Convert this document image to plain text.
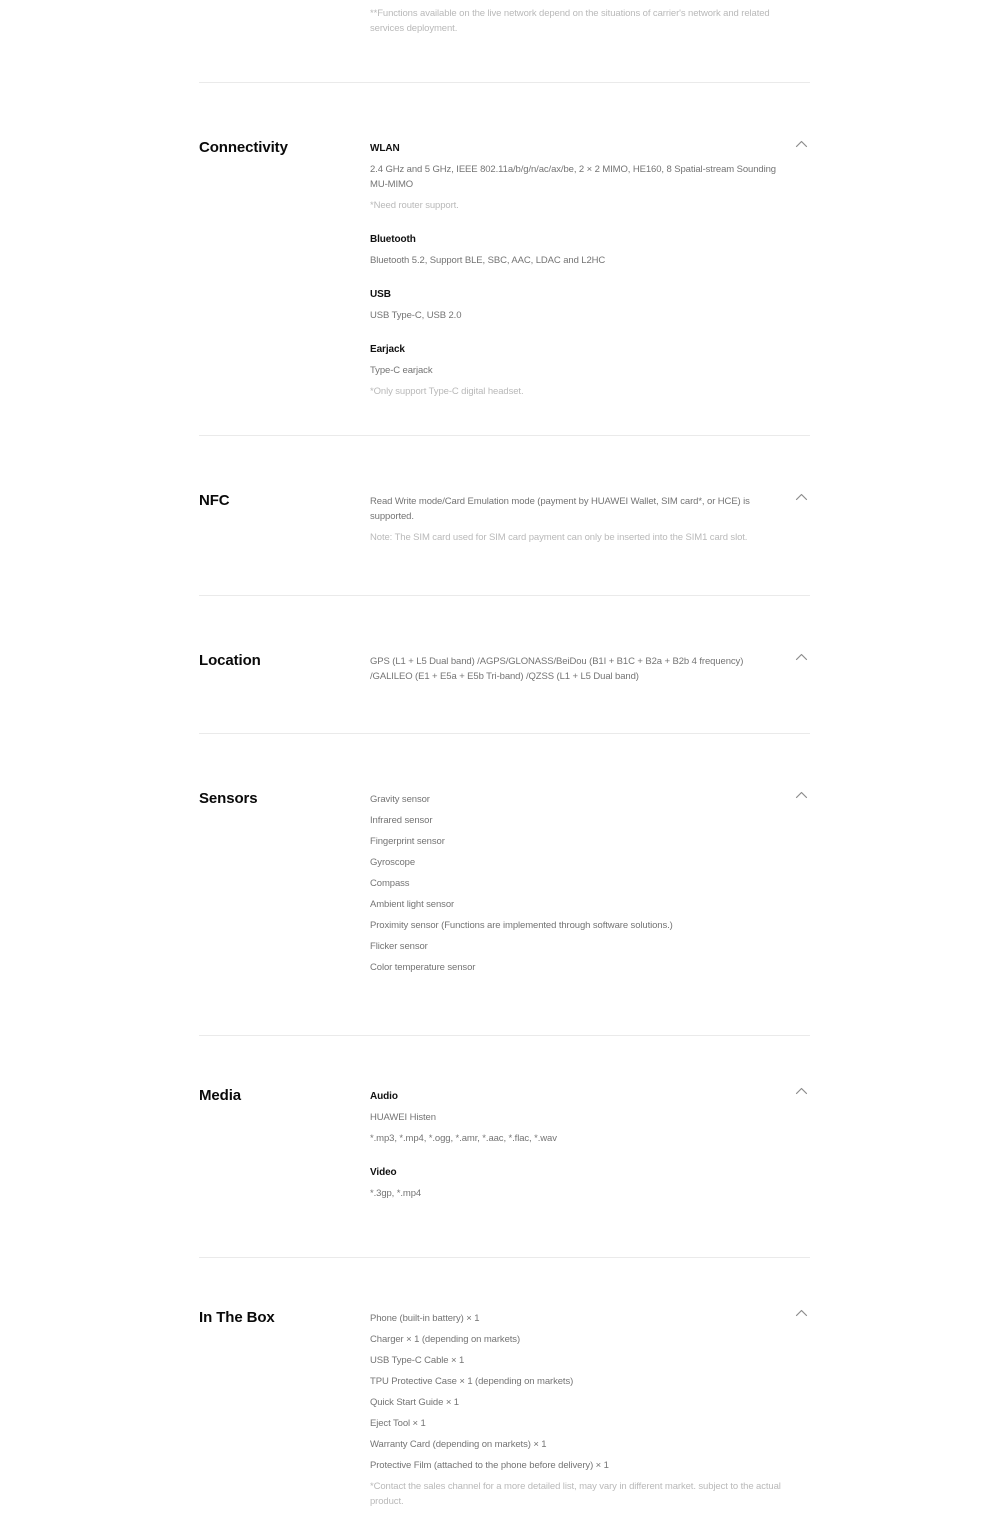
**Functions available on the live network depend on the situations of carrier's network and related services deployment.

Connectivity	WLAN

2.4 GHz and 5 GHz, IEEE 802.11a/b/g/n/ac/ax/be, 2 × 2 MIMO, HE160, 8 Spatial-stream Sounding MU-MIMO

*Need router support.

Bluetooth

Bluetooth 5.2, Support BLE, SBC, AAC, LDAC and L2HC

USB

USB Type-C, USB 2.0

Earjack

Type-C earjack

*Only support Type-C digital headset.

NFC	Read Write mode/Card Emulation mode (payment by HUAWEI Wallet, SIM card*, or HCE) is supported.

Note: The SIM card used for SIM card payment can only be inserted into the SIM1 card slot.

Location	GPS (L1 + L5 Dual band) /AGPS/GLONASS/BeiDou (B1I + B1C + B2a + B2b 4 frequency) /GALILEO (E1 + E5a + E5b Tri-band) /QZSS (L1 + L5 Dual band)

Sensors	Gravity sensor

Infrared sensor

Fingerprint sensor

Gyroscope

Compass

Ambient light sensor

Proximity sensor (Functions are implemented through software solutions.)

Flicker sensor

Color temperature sensor

Media	Audio

HUAWEI Histen

*.mp3, *.mp4, *.ogg, *.amr, *.aac, *.flac, *.wav

Video

*.3gp, *.mp4

In The Box	Phone (built-in battery) × 1

Charger × 1 (depending on markets)

USB Type-C Cable × 1

TPU Protective Case × 1 (depending on markets)

Quick Start Guide × 1

Eject Tool × 1

Warranty Card (depending on markets) × 1

Protective Film (attached to the phone before delivery) × 1

*Contact the sales channel for a more detailed list, may vary in different market. subject to the actual product.
